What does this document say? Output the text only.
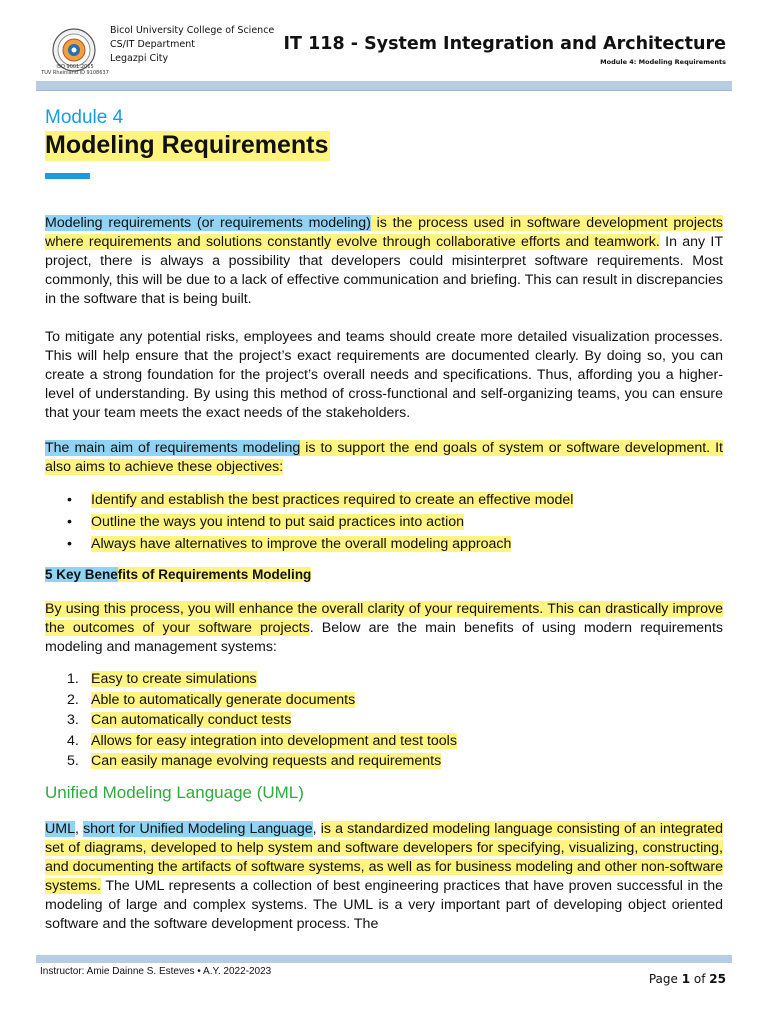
ISO 9001:2015
TUV Rheinland ID 9108637
Bicol University College of Science
CS/IT Department
Legazpi City
IT 118 - System Integration and Architecture
Module 4: Modeling Requirements
Module 4
Modeling Requirements

Modeling requirements (or requirements modeling) is the process used in software development projects where requirements and solutions constantly evolve through collaborative efforts and teamwork. In any IT project, there is always a possibility that developers could misinterpret software requirements. Most commonly, this will be due to a lack of effective communication and briefing. This can result in discrepancies in the software that is being built.

To mitigate any potential risks, employees and teams should create more detailed visualization processes. This will help ensure that the project’s exact requirements are documented clearly. By doing so, you can create a strong foundation for the project’s overall needs and specifications. Thus, affording you a higher-level of understanding. By using this method of cross-functional and self-organizing teams, you can ensure that your team meets the exact needs of the stakeholders.

The main aim of requirements modeling is to support the end goals of system or software development. It also aims to achieve these objectives:

• Identify and establish the best practices required to create an effective model
• Outline the ways you intend to put said practices into action
• Always have alternatives to improve the overall modeling approach

5 Key Benefits of Requirements Modeling

By using this process, you will enhance the overall clarity of your requirements. This can drastically improve the outcomes of your software projects. Below are the main benefits of using modern requirements modeling and management systems:

1. Easy to create simulations
2. Able to automatically generate documents
3. Can automatically conduct tests
4. Allows for easy integration into development and test tools
5. Can easily manage evolving requests and requirements

Unified Modeling Language (UML)

UML, short for Unified Modeling Language, is a standardized modeling language consisting of an integrated set of diagrams, developed to help system and software developers for specifying, visualizing, constructing, and documenting the artifacts of software systems, as well as for business modeling and other non-software systems. The UML represents a collection of best engineering practices that have proven successful in the modeling of large and complex systems. The UML is a very important part of developing object oriented software and the software development process. The

Instructor: Amie Dainne S. Esteves • A.Y. 2022-2023
Page 1 of 25
